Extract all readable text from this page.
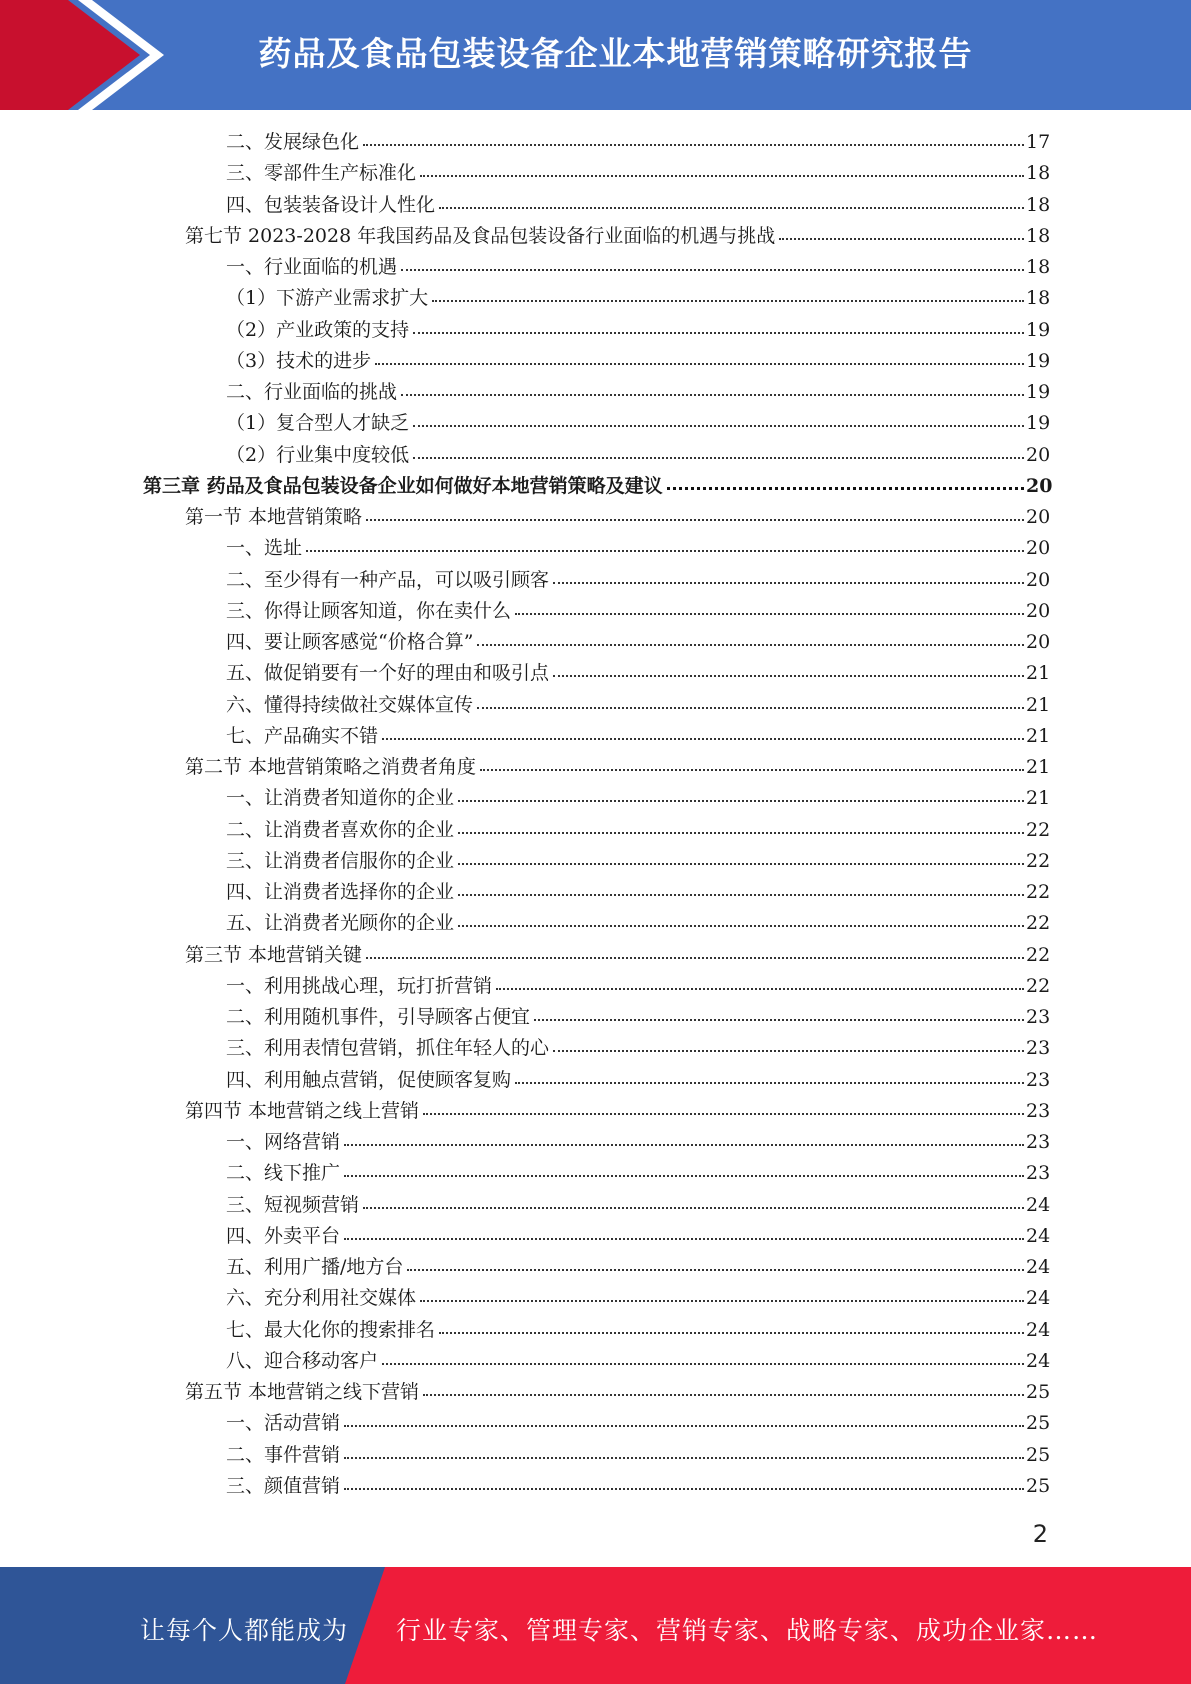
药品及食品包装设备企业本地营销策略研究报告
二、发展绿色化	17
三、零部件生产标准化	18
四、包装装备设计人性化	18
第七节 2023-2028 年我国药品及食品包装设备行业面临的机遇与挑战	18
一、行业面临的机遇	18
（1）下游产业需求扩大	18
（2）产业政策的支持	19
（3）技术的进步	19
二、行业面临的挑战	19
（1）复合型人才缺乏	19
（2）行业集中度较低	20
第三章 药品及食品包装设备企业如何做好本地营销策略及建议	20
第一节 本地营销策略	20
一、选址	20
二、至少得有一种产品，可以吸引顾客	20
三、你得让顾客知道，你在卖什么	20
四、要让顾客感觉“价格合算”	20
五、做促销要有一个好的理由和吸引点	21
六、懂得持续做社交媒体宣传	21
七、产品确实不错	21
第二节 本地营销策略之消费者角度	21
一、让消费者知道你的企业	21
二、让消费者喜欢你的企业	22
三、让消费者信服你的企业	22
四、让消费者选择你的企业	22
五、让消费者光顾你的企业	22
第三节 本地营销关键	22
一、利用挑战心理，玩打折营销	22
二、利用随机事件，引导顾客占便宜	23
三、利用表情包营销，抓住年轻人的心	23
四、利用触点营销，促使顾客复购	23
第四节 本地营销之线上营销	23
一、网络营销	23
二、线下推广	23
三、短视频营销	24
四、外卖平台	24
五、利用广播/地方台	24
六、充分利用社交媒体	24
七、最大化你的搜索排名	24
八、迎合移动客户	24
第五节 本地营销之线下营销	25
一、活动营销	25
二、事件营销	25
三、颜值营销	25
2
让每个人都能成为 行业专家、管理专家、营销专家、战略专家、成功企业家……
